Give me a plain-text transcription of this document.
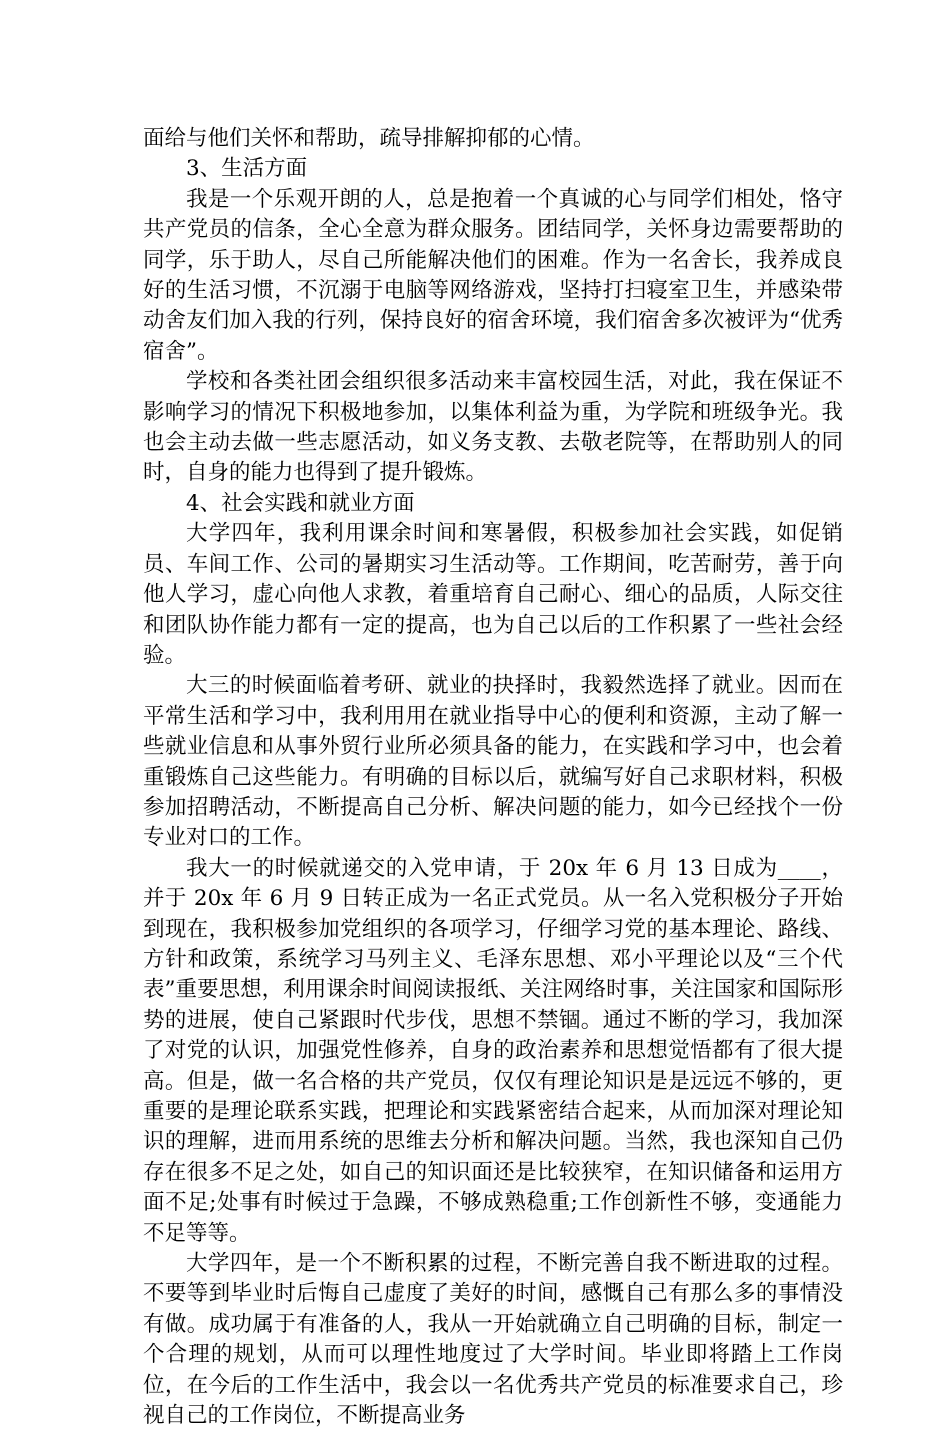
面给与他们关怀和帮助，疏导排解抑郁的心情。

3、生活方面

我是一个乐观开朗的人，总是抱着一个真诚的心与同学们相处，恪守共产党员的信条，全心全意为群众服务。团结同学，关怀身边需要帮助的同学，乐于助人，尽自己所能解决他们的困难。作为一名舍长，我养成良好的生活习惯，不沉溺于电脑等网络游戏，坚持打扫寝室卫生，并感染带动舍友们加入我的行列，保持良好的宿舍环境，我们宿舍多次被评为“优秀宿舍”。

学校和各类社团会组织很多活动来丰富校园生活，对此，我在保证不影响学习的情况下积极地参加，以集体利益为重，为学院和班级争光。我也会主动去做一些志愿活动，如义务支教、去敬老院等，在帮助别人的同时，自身的能力也得到了提升锻炼。

4、社会实践和就业方面

大学四年，我利用课余时间和寒暑假，积极参加社会实践，如促销员、车间工作、公司的暑期实习生活动等。工作期间，吃苦耐劳，善于向他人学习，虚心向他人求教，着重培育自己耐心、细心的品质，人际交往和团队协作能力都有一定的提高，也为自己以后的工作积累了一些社会经验。

大三的时候面临着考研、就业的抉择时，我毅然选择了就业。因而在平常生活和学习中，我利用用在就业指导中心的便利和资源，主动了解一些就业信息和从事外贸行业所必须具备的能力，在实践和学习中，也会着重锻炼自己这些能力。有明确的目标以后，就编写好自己求职材料，积极参加招聘活动，不断提高自己分析、解决问题的能力，如今已经找个一份专业对口的工作。

我大一的时候就递交的入党申请，于 20x 年 6 月 13 日成为____，并于 20x 年 6 月 9 日转正成为一名正式党员。从一名入党积极分子开始到现在，我积极参加党组织的各项学习，仔细学习党的基本理论、路线、方针和政策，系统学习马列主义、毛泽东思想、邓小平理论以及“三个代表”重要思想，利用课余时间阅读报纸、关注网络时事，关注国家和国际形势的进展，使自己紧跟时代步伐，思想不禁锢。通过不断的学习，我加深了对党的认识，加强党性修养，自身的政治素养和思想觉悟都有了很大提高。但是，做一名合格的共产党员，仅仅有理论知识是是远远不够的，更重要的是理论联系实践，把理论和实践紧密结合起来，从而加深对理论知识的理解，进而用系统的思维去分析和解决问题。当然，我也深知自己仍存在很多不足之处，如自己的知识面还是比较狭窄，在知识储备和运用方面不足;处事有时候过于急躁，不够成熟稳重;工作创新性不够，变通能力不足等等。

大学四年，是一个不断积累的过程，不断完善自我不断进取的过程。不要等到毕业时后悔自己虚度了美好的时间，感慨自己有那么多的事情没有做。成功属于有准备的人，我从一开始就确立自己明确的目标，制定一个合理的规划，从而可以理性地度过了大学时间。毕业即将踏上工作岗位，在今后的工作生活中，我会以一名优秀共产党员的标准要求自己，珍视自己的工作岗位，不断提高业务
